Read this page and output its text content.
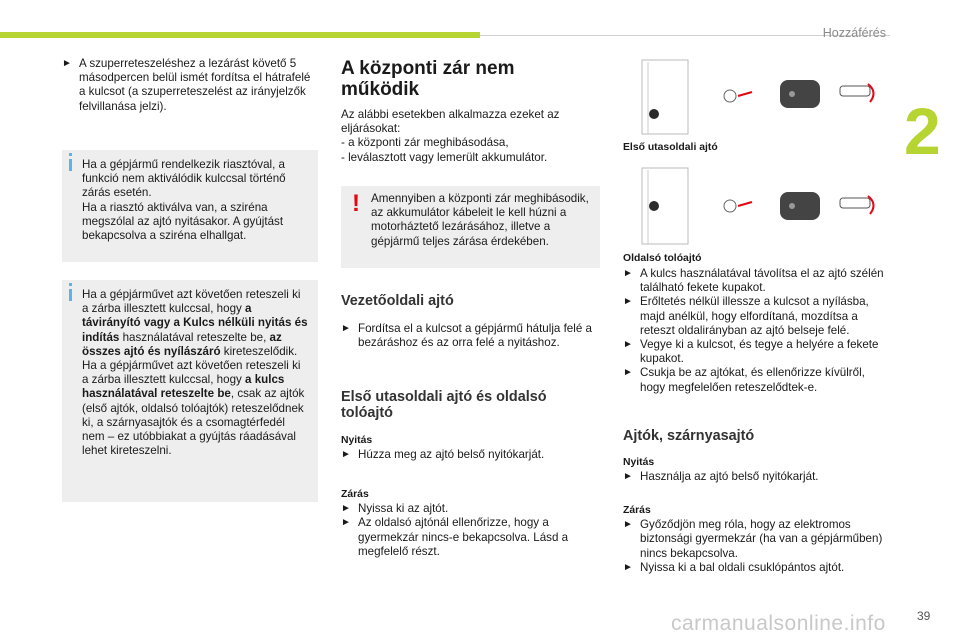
Hozzáférés
2

► A szuperreteszeléshez a lezárást követő 5 másodpercen belül ismét fordítsa el hátrafelé a kulcsot (a szuperreteszelést az irányjelzők felvillanása jelzi).

Ha a gépjármű rendelkezik riasztóval, a funkció nem aktiválódik kulccsal történő zárás esetén.

Ha a riasztó aktiválva van, a sziréna megszólal az ajtó nyitásakor. A gyújtást bekapcsolva a sziréna elhallgat.

Ha a gépjárművet azt követően reteszeli ki a zárba illesztett kulccsal, hogy a távirányító vagy a Kulcs nélküli nyitás és indítás használatával reteszelte be, az összes ajtó és nyílászáró kireteszelődik.

Ha a gépjárművet azt követően reteszeli ki a zárba illesztett kulccsal, hogy a kulcs használatával reteszelte be, csak az ajtók (első ajtók, oldalsó tolóajtók) reteszelődnek ki, a szárnyasajtók és a csomagtérfedél nem – ez utóbbiakat a gyújtás ráadásával lehet kireteszelni.

A központi zár nem működik

Az alábbi esetekben alkalmazza ezeket az eljárásokat:

- a központi zár meghibásodása,

- leválasztott vagy lemerült akkumulátor.

! Amennyiben a központi zár meghibásodik, az akkumulátor kábeleit le kell húzni a motorháztető lezárásához, illetve a gépjármű teljes zárása érdekében.

Vezetőoldali ajtó

► Fordítsa el a kulcsot a gépjármű hátulja felé a bezáráshoz és az orra felé a nyitáshoz.

Első utasoldali ajtó és oldalsó tolóajtó

Nyitás

► Húzza meg az ajtó belső nyitókarját.

Zárás

► Nyissa ki az ajtót.

► Az oldalsó ajtónál ellenőrizze, hogy a gyermekzár nincs-e bekapcsolva. Lásd a megfelelő részt.

Első utasoldali ajtó
Oldalsó tolóajtó

► A kulcs használatával távolítsa el az ajtó szélén található fekete kupakot.

► Erőltetés nélkül illessze a kulcsot a nyílásba, majd anélkül, hogy elfordítaná, mozdítsa a reteszt oldalirányban az ajtó belseje felé.

► Vegye ki a kulcsot, és tegye a helyére a fekete kupakot.

► Csukja be az ajtókat, és ellenőrizze kívülről, hogy megfelelően reteszelődtek-e.

Ajtók, szárnyasajtó

Nyitás

► Használja az ajtó belső nyitókarját.

Zárás

► Győződjön meg róla, hogy az elektromos biztonsági gyermekzár (ha van a gépjárműben) nincs bekapcsolva.

► Nyissa ki a bal oldali csuklópántos ajtót.

carmanualsonline.info	39
